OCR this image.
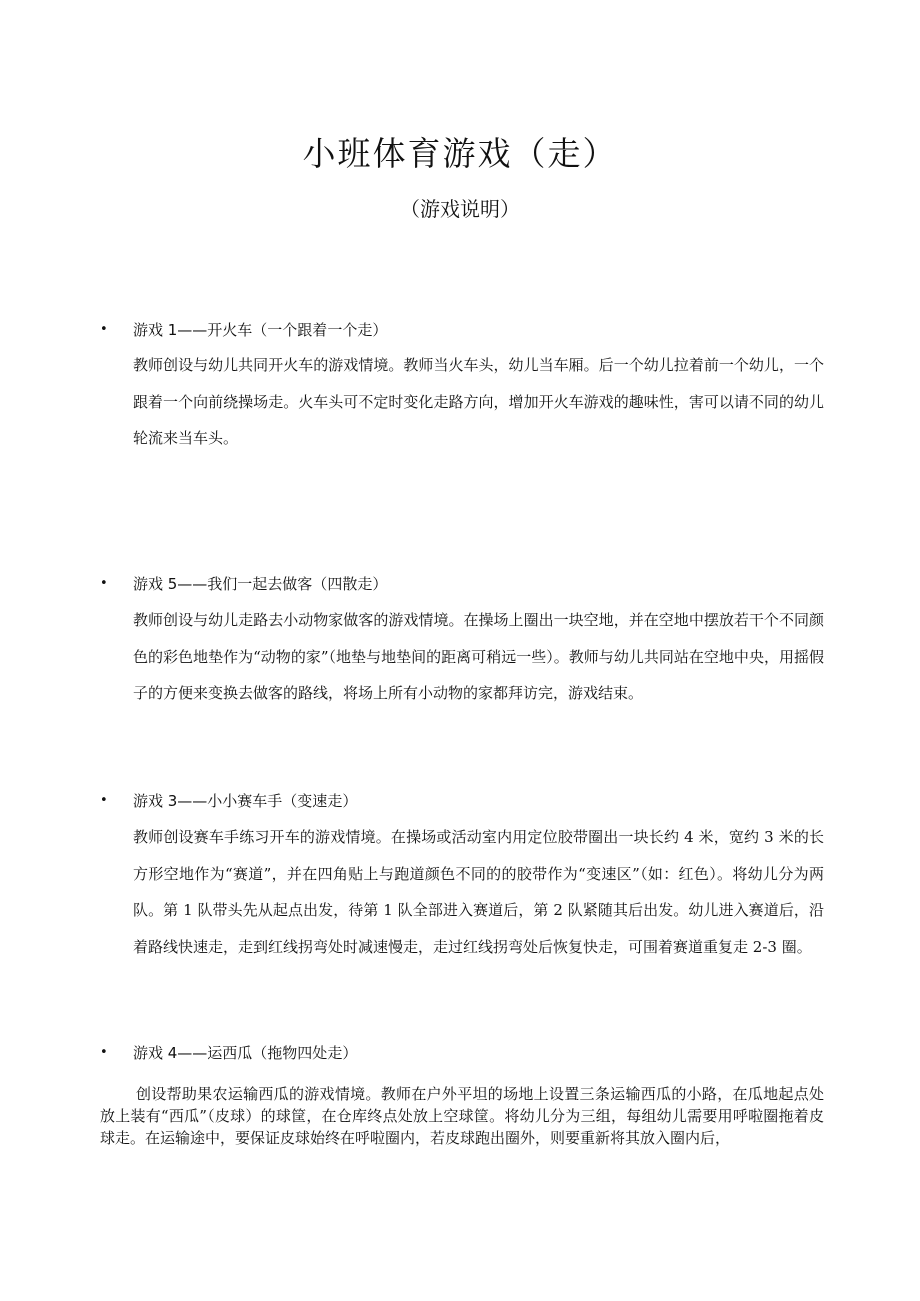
小班体育游戏（走）
（游戏说明）
• 游戏 1——开火车（一个跟着一个走）

教师创设与幼儿共同开火车的游戏情境。教师当火车头，幼儿当车厢。后一个幼儿拉着前一个幼儿，一个跟着一个向前绕操场走。火车头可不定时变化走路方向，增加开火车游戏的趣味性，害可以请不同的幼儿轮流来当车头。

• 游戏 5——我们一起去做客（四散走）

教师创设与幼儿走路去小动物家做客的游戏情境。在操场上圈出一块空地，并在空地中摆放若干个不同颜色的彩色地垫作为“动物的家”（地垫与地垫间的距离可稍远一些）。教师与幼儿共同站在空地中央，用摇假子的方便来变换去做客的路线，将场上所有小动物的家都拜访完，游戏结束。

• 游戏 3——小小赛车手（变速走）

教师创设赛车手练习开车的游戏情境。在操场或活动室内用定位胶带圈出一块长约 4 米，宽约 3 米的长方形空地作为“赛道”，并在四角贴上与跑道颜色不同的的胶带作为“变速区”（如：红色）。将幼儿分为两队。第 1 队带头先从起点出发，待第 1 队全部进入赛道后，第 2 队紧随其后出发。幼儿进入赛道后，沿着路线快速走，走到红线拐弯处时减速慢走，走过红线拐弯处后恢复快走，可围着赛道重复走 2-3 圈。

• 游戏 4——运西瓜（拖物四处走）

创设帮助果农运输西瓜的游戏情境。教师在户外平坦的场地上设置三条运输西瓜的小路，在瓜地起点处放上装有“西瓜”（皮球）的球筐，在仓库终点处放上空球筐。将幼儿分为三组，每组幼儿需要用呼啦圈拖着皮球走。在运输途中，要保证皮球始终在呼啦圈内，若皮球跑出圈外，则要重新将其放入圈内后，
